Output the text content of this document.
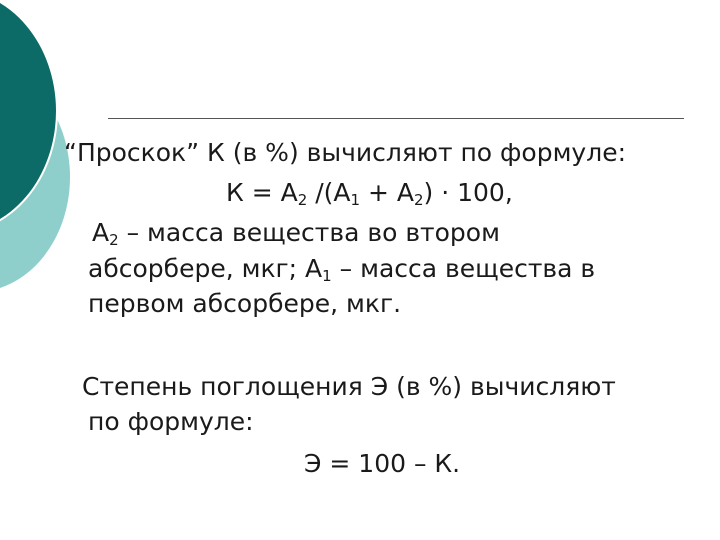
“Проскок” К (в %) вычисляют по формуле:
$К = А_2$ $/(А_1 + А_2) \cdot 100$,
$А_2$ – масса вещества во втором
абсорбере, мкг; $А_1$ – масса вещества в
первом абсорбере, мкг.
Степень поглощения Э (в %) вычисляют
по формуле:
Э = 100 – К.
